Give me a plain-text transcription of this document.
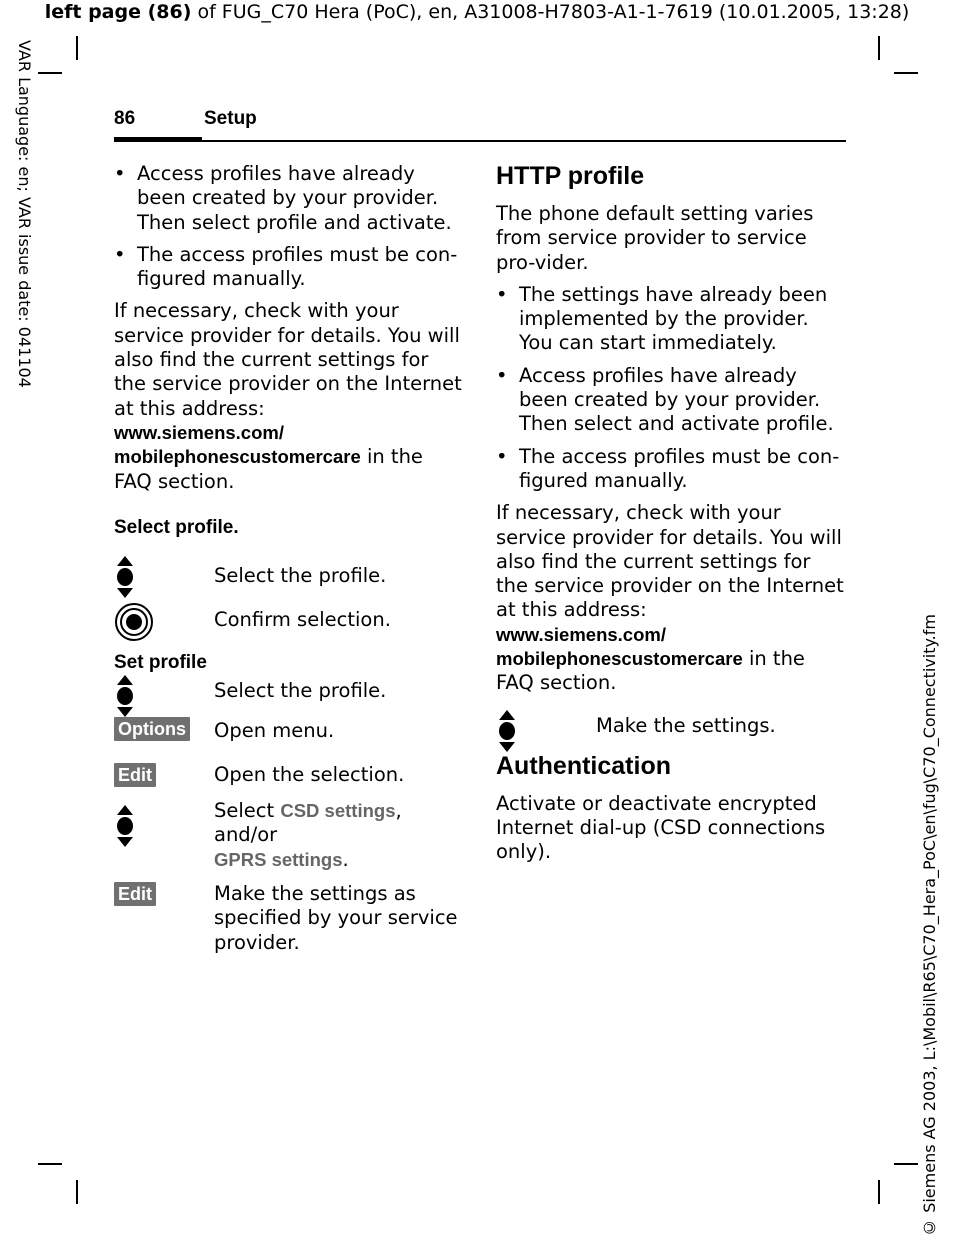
left page (86) of FUG_C70 Hera (PoC), en, A31008-H7803-A1-1-7619 (10.01.2005, 13:28)
VAR Language: en; VAR issue date: 041104
© Siemens AG 2003, L:\Mobil\R65\C70_Hera_PoC\en\fug\C70_Connectivity.fm
86	Setup
• Access profiles have already been created by your provider. Then select profile and activate.
• The access profiles must be con-figured manually.

If necessary, check with your service provider for details. You will also find the current settings for the service provider on the Internet at this address:
www.siemens.com/
mobilephonescustomercare in the FAQ section.

Select profile.
Select the profile.
Confirm selection.
Set profile
Select the profile.
Options	Open menu.
Edit	Open the selection.
Select CSD settings, and/or
GPRS settings.
Edit	Make the settings as specified by your service provider.
HTTP profile

The phone default setting varies from service provider to service pro-vider.

• The settings have already been implemented by the provider. You can start immediately.
• Access profiles have already been created by your provider. Then select and activate profile.
• The access profiles must be con-figured manually.

If necessary, check with your service provider for details. You will also find the current settings for the service provider on the Internet at this address:
www.siemens.com/
mobilephonescustomercare in the FAQ section.

Make the settings.
Authentication

Activate or deactivate encrypted Internet dial-up (CSD connections only).
